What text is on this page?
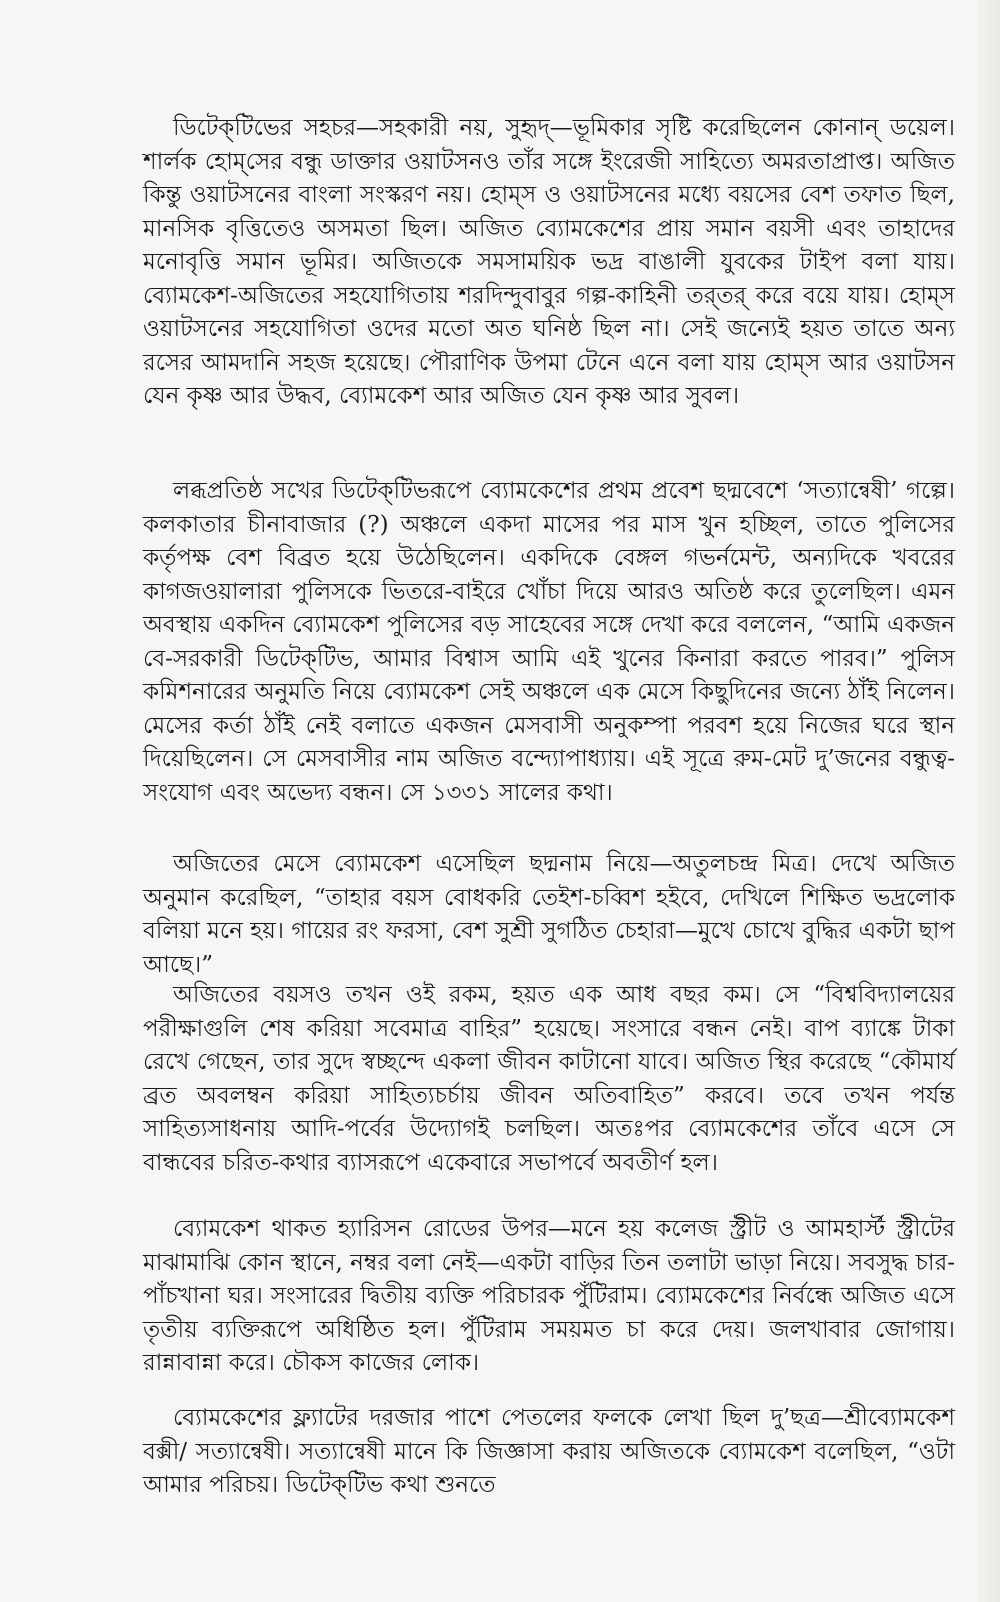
ডিটেক্‌টিভের সহচর—সহকারী নয়, সুহৃদ্‌—ভূমিকার সৃষ্টি করেছিলেন কোনান্‌ ডয়েল। শার্লক হোম্‌সের বন্ধু ডাক্তার ওয়াটসনও তাঁর সঙ্গে ইংরেজী সাহিত্যে অমরতাপ্রাপ্ত। অজিত কিন্তু ওয়াটসনের বাংলা সংস্করণ নয়। হোম্‌স ও ওয়াটসনের মধ্যে বয়সের বেশ তফাত ছিল, মানসিক বৃত্তিতেও অসমতা ছিল। অজিত ব্যোমকেশের প্রায় সমান বয়সী এবং তাহাদের মনোবৃত্তি সমান ভূমির। অজিতকে সমসাময়িক ভদ্র বাঙালী যুবকের টাইপ বলা যায়। ব্যোমকেশ-অজিতের সহযোগিতায় শরদিন্দুবাবুর গল্প-কাহিনী তর্‌তর্‌ করে বয়ে যায়। হোম্‌স ওয়াটসনের সহযোগিতা ওদের মতো অত ঘনিষ্ঠ ছিল না। সেই জন্যেই হয়ত তাতে অন্য রসের আমদানি সহজ হয়েছে। পৌরাণিক উপমা টেনে এনে বলা যায় হোম্‌স আর ওয়াটসন যেন কৃষ্ণ আর উদ্ধব, ব্যোমকেশ আর অজিত যেন কৃষ্ণ আর সুবল।

লব্ধপ্রতিষ্ঠ সখের ডিটেক্‌টিভরূপে ব্যোমকেশের প্রথম প্রবেশ ছদ্মবেশে ‘সত্যান্বেষী’ গল্পে। কলকাতার চীনাবাজার (?) অঞ্চলে একদা মাসের পর মাস খুন হচ্ছিল, তাতে পুলিসের কর্তৃপক্ষ বেশ বিব্রত হয়ে উঠেছিলেন। একদিকে বেঙ্গল গভর্নমেন্ট, অন্যদিকে খবরের কাগজওয়ালারা পুলিসকে ভিতরে-বাইরে খোঁচা দিয়ে আরও অতিষ্ঠ করে তুলেছিল। এমন অবস্থায় একদিন ব্যোমকেশ পুলিসের বড় সাহেবের সঙ্গে দেখা করে বললেন, “আমি একজন বে-সরকারী ডিটেক্‌টিভ, আমার বিশ্বাস আমি এই খুনের কিনারা করতে পারব।” পুলিস কমিশনারের অনুমতি নিয়ে ব্যোমকেশ সেই অঞ্চলে এক মেসে কিছুদিনের জন্যে ঠাঁই নিলেন। মেসের কর্তা ঠাঁই নেই বলাতে একজন মেসবাসী অনুকম্পা পরবশ হয়ে নিজের ঘরে স্থান দিয়েছিলেন। সে মেসবাসীর নাম অজিত বন্দ্যোপাধ্যায়। এই সূত্রে রুম-মেট দু’জনের বন্ধুত্ব-সংযোগ এবং অভেদ্য বন্ধন। সে ১৩৩১ সালের কথা।

অজিতের মেসে ব্যোমকেশ এসেছিল ছদ্মনাম নিয়ে—অতুলচন্দ্র মিত্র। দেখে অজিত অনুমান করেছিল, “তাহার বয়স বোধকরি তেইশ-চব্বিশ হইবে, দেখিলে শিক্ষিত ভদ্রলোক বলিয়া মনে হয়। গায়ের রং ফরসা, বেশ সুশ্রী সুগঠিত চেহারা—মুখে চোখে বুদ্ধির একটা ছাপ আছে।”

অজিতের বয়সও তখন ওই রকম, হয়ত এক আধ বছর কম। সে “বিশ্ববিদ্যালয়ের পরীক্ষাগুলি শেষ করিয়া সবেমাত্র বাহির” হয়েছে। সংসারে বন্ধন নেই। বাপ ব্যাঙ্কে টাকা রেখে গেছেন, তার সুদে স্বচ্ছন্দে একলা জীবন কাটানো যাবে। অজিত স্থির করেছে “কৌমার্য ব্রত অবলম্বন করিয়া সাহিত্যচর্চায় জীবন অতিবাহিত” করবে। তবে তখন পর্যন্ত সাহিত্যসাধনায় আদি-পর্বের উদ্যোগই চলছিল। অতঃপর ব্যোমকেশের তাঁবে এসে সে বান্ধবের চরিত-কথার ব্যাসরূপে একেবারে সভাপর্বে অবতীর্ণ হল।

ব্যোমকেশ থাকত হ্যারিসন রোডের উপর—মনে হয় কলেজ স্ট্রীট ও আমহার্স্ট স্ট্রীটের মাঝামাঝি কোন স্থানে, নম্বর বলা নেই—একটা বাড়ির তিন তলাটা ভাড়া নিয়ে। সবসুদ্ধ চার-পাঁচখানা ঘর। সংসারের দ্বিতীয় ব্যক্তি পরিচারক পুঁটিরাম। ব্যোমকেশের নির্বন্ধে অজিত এসে তৃতীয় ব্যক্তিরূপে অধিষ্ঠিত হল। পুঁটিরাম সময়মত চা করে দেয়। জলখাবার জোগায়। রান্নাবান্না করে। চৌকস কাজের লোক।

ব্যোমকেশের ফ্ল্যাটের দরজার পাশে পেতলের ফলকে লেখা ছিল দু’ছত্র—শ্রীব্যোমকেশ বক্সী/ সত্যান্বেষী। সত্যান্বেষী মানে কি জিজ্ঞাসা করায় অজিতকে ব্যোমকেশ বলেছিল, “ওটা আমার পরিচয়। ডিটেক্‌টিভ কথা শুনতে
